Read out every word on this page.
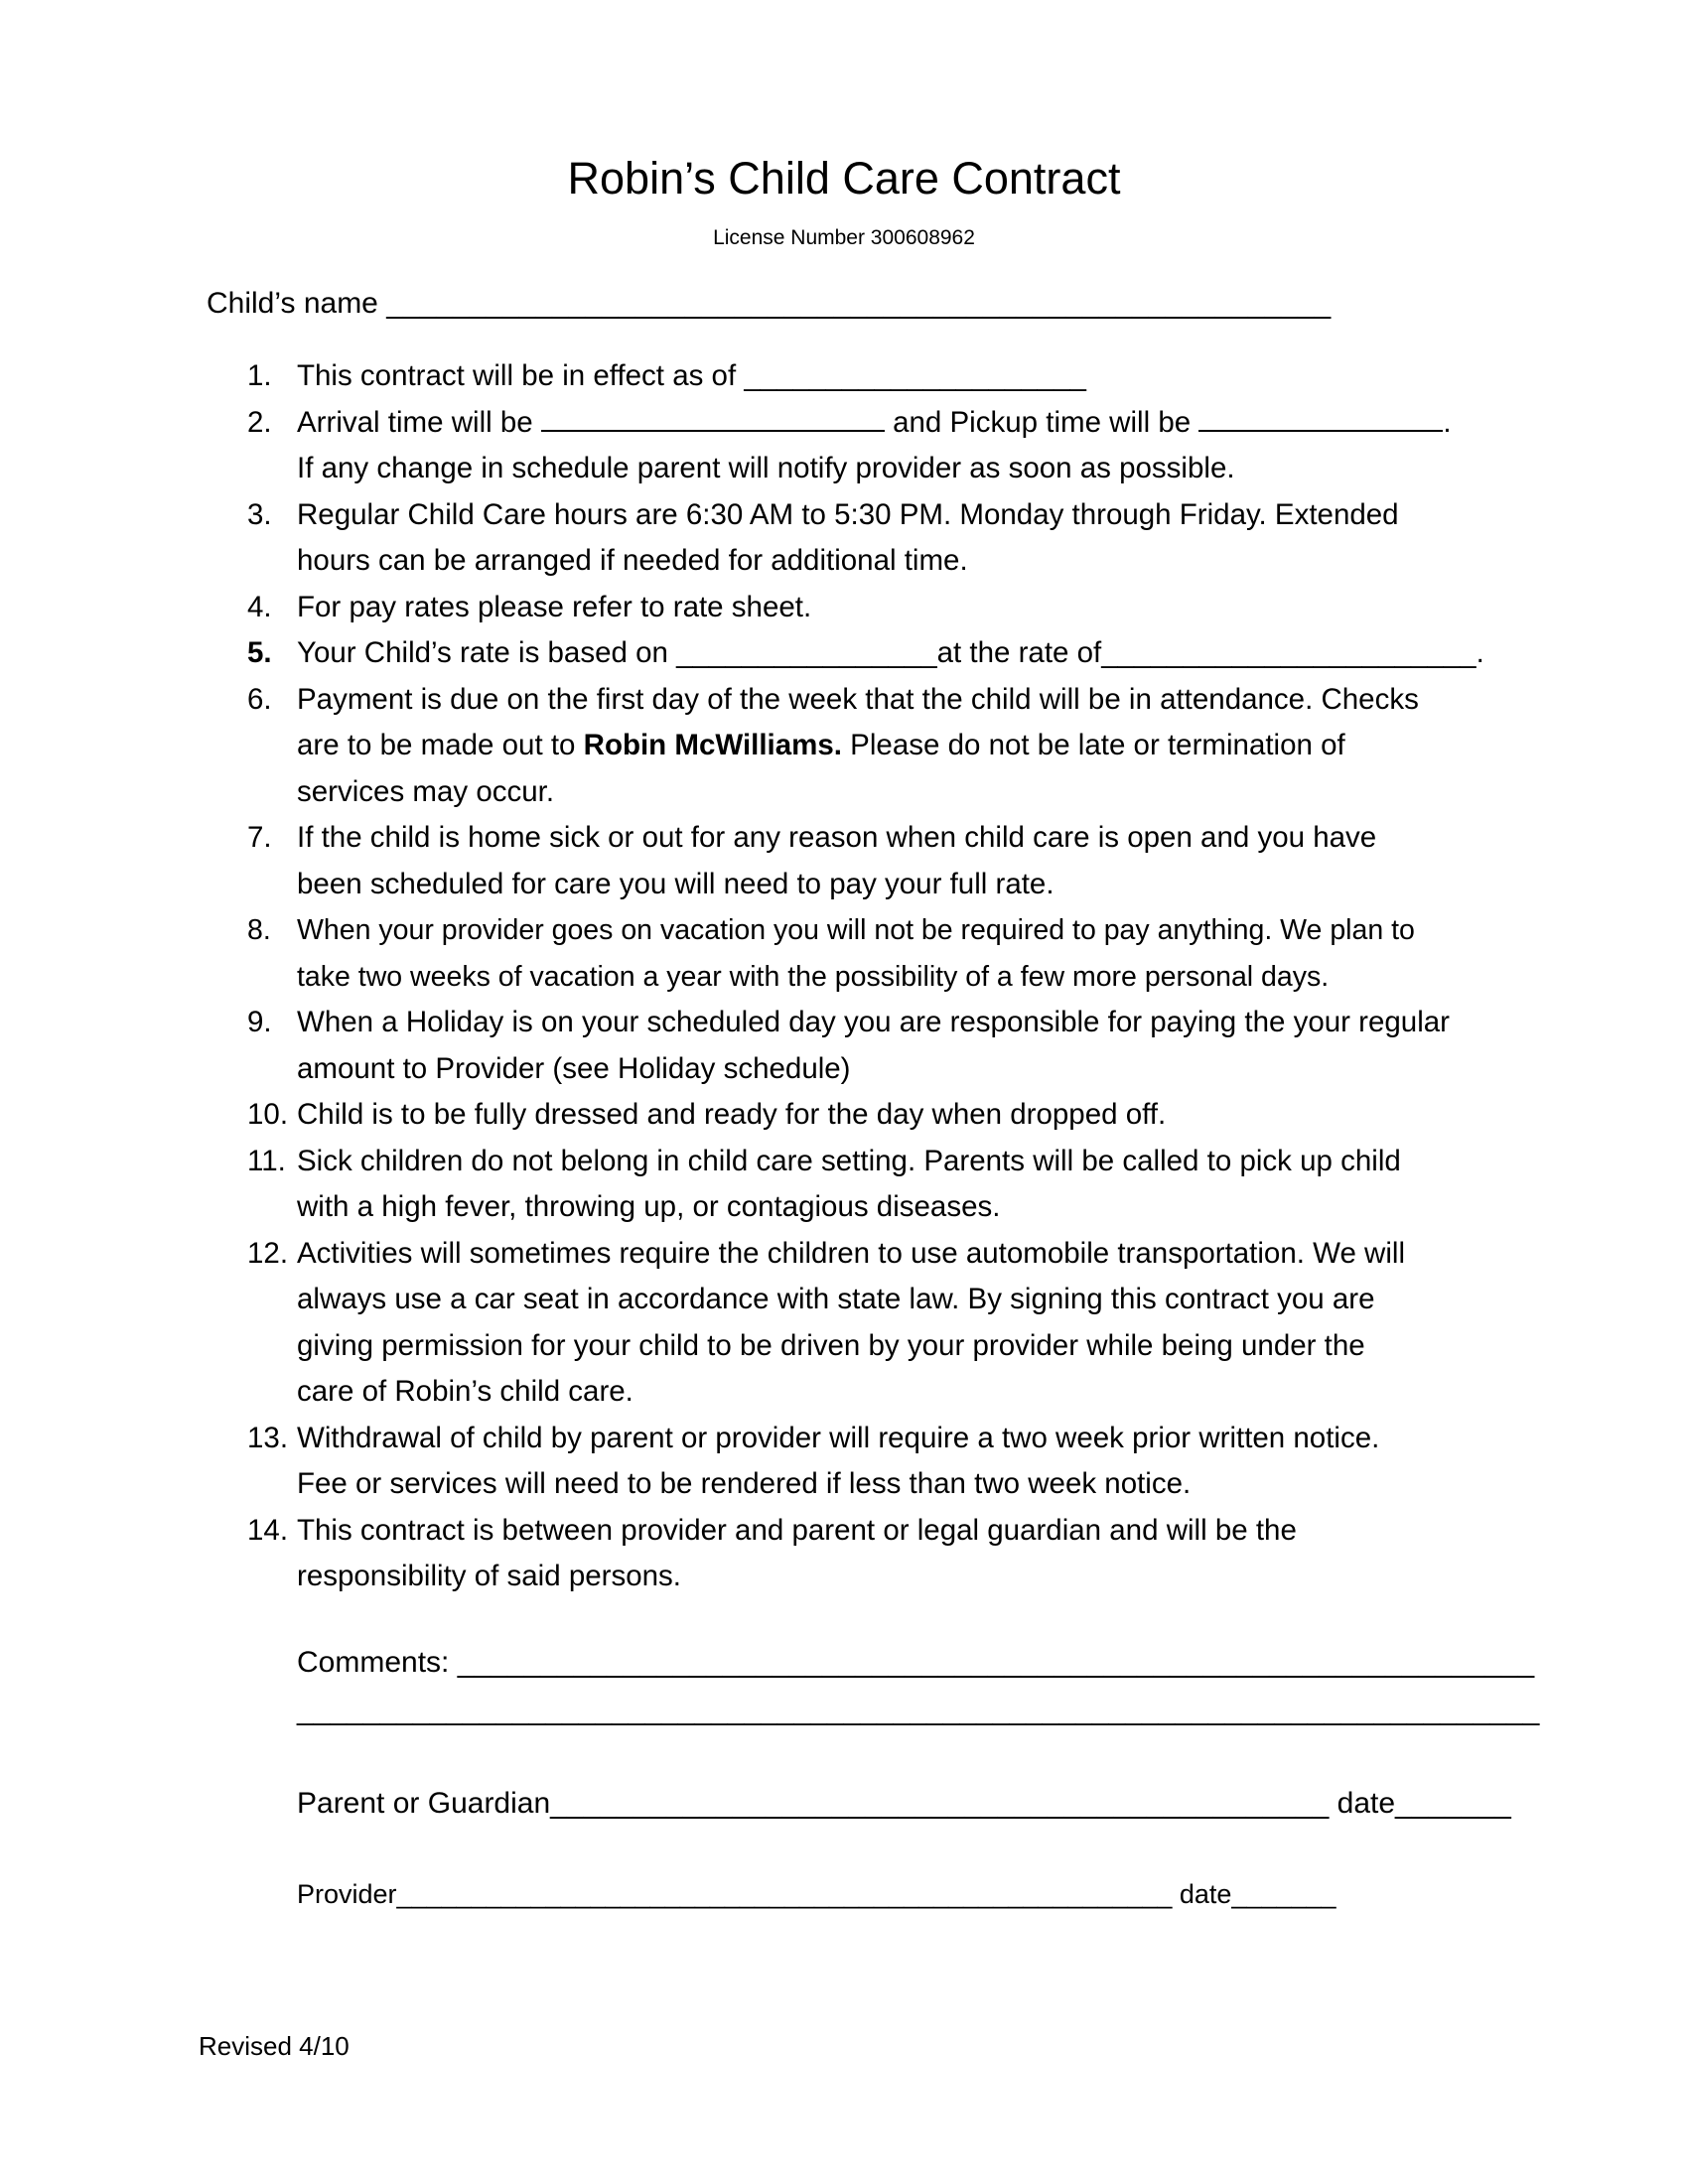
Robin’s Child Care Contract
License Number 300608962
Child’s name _________________________________________________________
1. This contract will be in effect as of _____________________
2. Arrival time will be	and Pickup time will be	.
If any change in schedule parent will notify provider as soon as possible.
3. Regular Child Care hours are 6:30 AM to 5:30 PM. Monday through Friday. Extended
hours can be arranged if needed for additional time.
4. For pay rates please refer to rate sheet.
5. Your Child’s rate is based on ________________at the rate of_______________________.
6. Payment is due on the first day of the week that the child will be in attendance. Checks
are to be made out to Robin McWilliams. Please do not be late or termination of
services may occur.
7. If the child is home sick or out for any reason when child care is open and you have
been scheduled for care you will need to pay your full rate.
8. When your provider goes on vacation you will not be required to pay anything. We plan to
take two weeks of vacation a year with the possibility of a few more personal days.
9. When a Holiday is on your scheduled day you are responsible for paying the your regular
amount to Provider (see Holiday schedule)
10. Child is to be fully dressed and ready for the day when dropped off.
11. Sick children do not belong in child care setting. Parents will be called to pick up child
with a high fever, throwing up, or contagious diseases.
12. Activities will sometimes require the children to use automobile transportation. We will
always use a car seat in accordance with state law. By signing this contract you are
giving permission for your child to be driven by your provider while being under the
care of Robin’s child care.
13. Withdrawal of child by parent or provider will require a two week prior written notice.
Fee or services will need to be rendered if less than two week notice.
14. This contract is between provider and parent or legal guardian and will be the
responsibility of said persons.
Comments: _________________________________________________________________
___________________________________________________________________________
Parent or Guardian_______________________________________________ date_______
Provider____________________________________________________ date_______
Revised 4/10
